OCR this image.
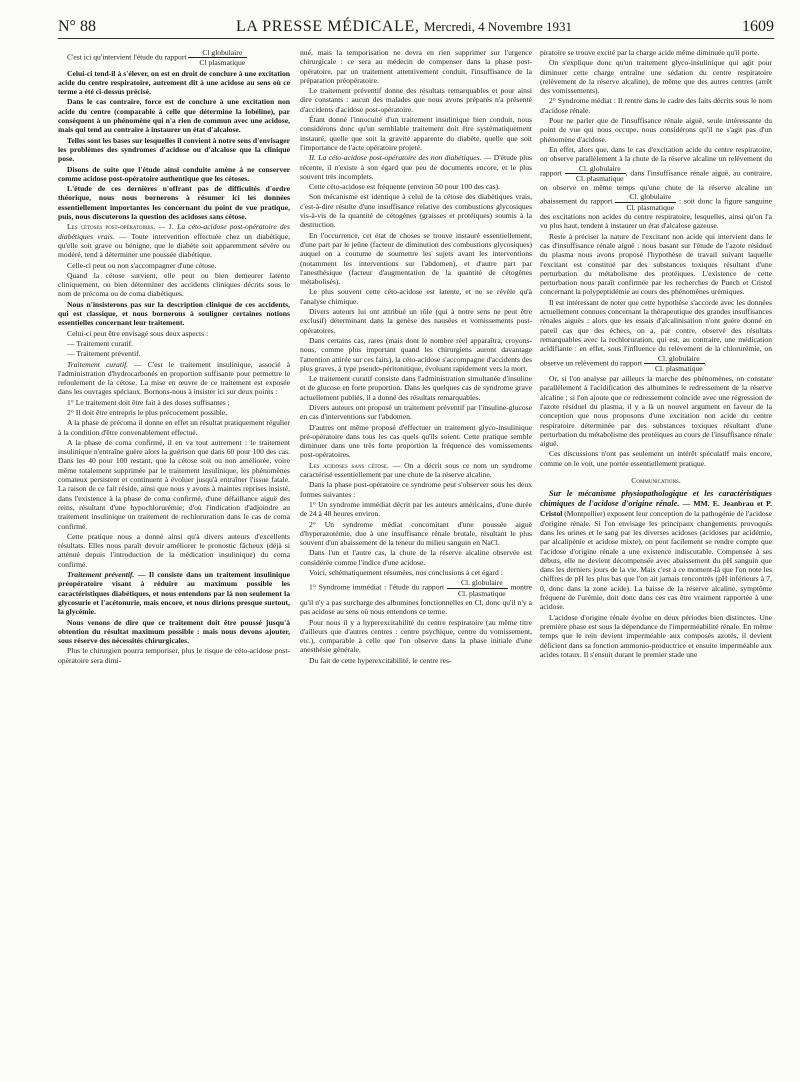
N° 88	LA PRESSE MÉDICALE, Mercredi, 4 Novembre 1931	1609

C'est ici qu'intervient l'étude du rapport $\frac{\text{Cl globulaire}}{\text{Cl plasmatique}}$

Celui-ci tend-il à s'élever, on est en droit de conclure à une excitation acide du centre respiratoire, autrement dit à une acidose au sens où ce terme a été ci-dessus précisé.

Dans le cas contraire, force est de conclure à une excitation non acide du centre (comparable à celle que détermine la lobéline), par conséquent à un phénomène qui n'a rien de commun avec une acidose, mais qui tend au contraire à instaurer un état d'alcalose.

Telles sont les bases sur lesquelles il convient à notre sens d'envisager les problèmes des syndromes d'acidose ou d'alcalose que la clinique pose.

Disons de suite que l'étude ainsi conduite amène à ne conserver comme acidose post-opératoire authentique que les cétoses.

L'étude de ces dernières n'offrant pas de difficultés d'ordre théorique, nous nous bornerons à résumer ici les données essentiellement importantes les concernant du point de vue pratique, puis, nous discuterons la question des acidoses sans cétose.

Les cétoses post-opératoires. — 1. La céto-acidose post-opératoire des diabétiques vrais. — Toute intervention effectuée chez un diabétique, qu'elle soit grave ou bénigne, que le diabète soit apparemment sévère ou modéré, tend à déterminer une poussée diabétique.

Celle-ci peut ou non s'accompagner d'une cétose.

Quand la cétose survient, elle peut ou bien demeurer latente cliniquement, ou bien déterminer des accidents cliniques décrits sous le nom de précoma ou de coma diabétiques.

Nous n'insisterons pas sur la description clinique de ces accidents, qui est classique, et nous bornerons à souligner certaines notions essentielles concernant leur traitement.

Celui-ci peut être envisagé sous deux aspects :

— Traitement curatif.

— Traitement préventif.

Traitement curatif. — C'est le traitement insulinique, associé à l'administration d'hydrocarbonés en proportion suffisante pour permettre le refoulement de la cétose. La mise en œuvre de ce traitement est exposée dans les ouvrages spéciaux. Bornons-nous à insister ici sur deux points :

1° Le traitement doit être fait à des doses suffisantes ;

2° Il doit être entrepris le plus précocement possible.

A la phase de précoma il donne en effet un résultat pratiquement régulier à la condition d'être convenablement effectué.

A la phase de coma confirmé, il en va tout autrement : le traitement insulinique n'entraîne guère alors la guérison que dans 60 pour 100 des cas. Dans les 40 pour 100 restant, que la cétose soit ou non améliorée, voire même totalement supprimée par le traitement insulinique, les phénomènes comateux persistent et continuent à évoluer jusqu'à entraîner l'issue fatale. La raison de ce fait réside, ainsi que nous y avons à maintes reprises insisté, dans l'existence à la phase de coma confirmé, d'une défaillance aiguë des reins, résultant d'une hypochlorurémie; d'où l'indication d'adjoindre au traitement insulinique un traitement de rechloruration dans le cas de coma confirmé.

Cette pratique nous a donné ainsi qu'à divers auteurs d'excellents résultats. Elles nous paraît devoir améliorer le pronostic fâcheux (déjà si atténué depuis l'introduction de la médication insulinique) du coma confirmé.

Traitement préventif. — Il consiste dans un traitement insulinique préopératoire visant à réduire au maximum possible les caractéristiques diabétiques, et nous entendons par là non seulement la glycosurie et l'acétonurie, mais encore, et nous dirions presque surtout, la glycémie.

Nous venons de dire que ce traitement doit être poussé jusqu'à obtention du résultat maximum possible : mais nous devons ajouter, sous réserve des nécessités chirurgicales.

Plus le chirurgien pourra temporiser, plus le risque de céto-acidose post-opératoire sera dimi-

nué, mais la temporisation ne devra en rien supprimer sur l'urgence chirurgicale : ce sera au médecin de compenser dans la phase post-opératoire, par un traitement attentivement conduit, l'insuffisance de la préparation préopératoire.

Le traitement préventif donne des résultats remarquables et pour ainsi dire constants : aucun des malades que nous avons préparés n'a présenté d'accidents d'acidose post-opératoire.

Étant donné l'innocuité d'un traitement insulinique bien conduit, nous considérons donc qu'un semblable traitement doit être systématiquement instauré, quelle que soit la gravité apparente du diabète, quelle que soit l'importance de l'acte opératoire projeté.

II. La céto-acidose post-opératoire des non diabétiques. — D'étude plus récente, il n'existe à son égard que peu de documents encore, et le plus souvent très incomplets.

Cette céto-acidose est fréquente (environ 50 pour 100 des cas).

Son mécanisme est identique à celui de la cétose des diabétiques vrais, c'est-à-dire résulte d'une insuffisance relative des combustions glycosiques vis-à-vis de la quantité de cétogènes (graisses et protéiques) soumis à la destruction.

En l'occurrence, cet état de choses se trouve instauré essentiellement, d'une part par le jeûne (facteur de diminution des combustions glycosiques) auquel on a coutume de soumettre les sujets avant les interventions (notamment les interventions sur l'abdomen), et d'autre part par l'anesthésique (facteur d'augmentation de la quantité de cétogènes métabolisés).

Le plus souvent cette céto-acidose est latente, et ne se révèle qu'à l'analyse chimique.

Divers auteurs lui ont attribué un rôle (qui à notre sens ne peut être exclusif) déterminant dans la genèse des nausées et vomissements post-opératoires.

Dans certains cas, rares (mais dont le nombre réel apparaîtra, croyons-nous, comme plus important quand les chirurgiens auront davantage l'attention attirée sur ces faits), la céto-acidose s'accompagne d'accidents des plus graves, à type pseudo-péritonitique, évoluant rapidement vers la mort.

Le traitement curatif consiste dans l'administration simultanée d'insuline et de glucose en forte proportion. Dans les quelques cas de syndrome grave actuellement publiés, il a donné des résultats remarquables.

Divers auteurs ont proposé un traitement préventif par l'insuline-glucose en cas d'interventions sur l'abdomen.

D'autres ont même proposé d'effectuer un traitement glyco-insulinique pré-opératoire dans tous les cas quels qu'ils soient. Cette pratique semble diminuer dans une très forte proportion la fréquence des vomissements post-opératoires.

Les acidoses sans cétose. — On a décrit sous ce nom un syndrome caractérisé essentiellement par une chute de la réserve alcaline.

Dans la phase post-opératoire ce syndrome peut s'observer sous les deux formes suivantes :

1° Un syndrome immédiat décrit par les auteurs américains, d'une durée de 24 à 48 heures environ.

2° Un syndrome médiat concomitant d'une poussée aiguë d'hyperazotémie, due à une insuffisance rénale brutale, résultant le plus souvent d'un abaissement de la teneur du milieu sanguin en NaCl.

Dans l'un et l'autre cas, la chute de la réserve alcaline observée est considérée comme l'indice d'une acidose.

Voici, schématiquement résumées, nos conclusions à cet égard :

1° Syndrome immédiat : l'étude du rapport $\frac{\text{Cl. globulaire}}{\text{Cl. plasmatique}}$ montre qu'il n'y a pas surcharge des albumines fonctionnelles en Cl, donc qu'il n'y a pas acidose au sens où nous entendons ce terme.

Pour nous il y a hyperexcitabilité du centre respiratoire (au même titre d'ailleurs que d'autres centres : centre psychique, centre du vomissement, etc.), comparable à celle que l'on observe dans la phase initiale d'une anesthésie générale.

Du fait de cette hyperexcitabilité, le centre res-

piratoire se trouve excité par la charge acide même diminuée qu'il porte.

On s'explique donc qu'un traitement glyco-insulinique qui agit pour diminuer cette charge entraîne une sédation du centre respiratoire (relèvement de la réserve alcaline), de même que des autres centres (arrêt des vomissements).

2° Syndrome médiat : Il rentre dans le cadre des faits décrits sous le nom d'acidose rénale.

Pour ne parler que de l'insuffisance rénale aiguë, seule intéressante du point de vue qui nous occupe, nous considérons qu'il ne s'agit pas d'un phénomène d'acidose.

En effet, alors que, dans le cas d'excitation acide du centre respiratoire, on observe parallèlement à la chute de la réserve alcaline un relèvement du rapport $\frac{\text{Cl. globulaire}}{\text{Cl. plasmatique}}$ , dans l'insuffisance rénale aiguë, au contraire, on observe en même temps qu'une chute de la réserve alcaline un abaissement du rapport $\frac{\text{Cl. globulaire}}{\text{Cl. plasmatique}}$ : soit donc la figure sanguine des excitations non acides du centre respiratoire, lesquelles, ainsi qu'on l'a vu plus haut, tendent à instaurer un état d'alcalose gazeuse.

Reste à préciser la nature de l'excitant non acide qui intervient dans le cas d'insuffisance rénale aiguë : nous basant sur l'étude de l'azote résiduel du plasma nous avons proposé l'hypothèse de travail suivant laquelle l'excitant est constitué par des substances toxiques résultant d'une perturbation du métabolisme des protéiques. L'existence de cette perturbation nous paraît confirmée par les recherches de Puech et Cristol concernant la polypeptidémie au cours des phénomènes urémiques.

Il est intéressant de noter que cette hypothèse s'accorde avec les données actuellement connues concernant la thérapeutique des grandes insuffisances rénales aiguës : alors que les essais d'alcalinisation n'ont guère donné en pareil cas que des échecs, on a, par contre, observé des résultats remarquables avec la rechloruration, qui est, au contraire, une médication acidifiante : en effet, sous l'influence du relèvement de la chlorurémie, on observe un relèvement du rapport $\frac{\text{Cl. globulaire}}{\text{Cl. plasmatique}}$ .

Or, si l'on analyse par ailleurs la marche des phénomènes, on constate parallèlement à l'acidification des albumines le redressement de la réserve alcaline ; si l'on ajoute que ce redressement coïncide avec une régression de l'azote résiduel du plasma, il y a là un nouvel argument en faveur de la conception que nous proposons d'une excitation non acide du centre respiratoire déterminée par des substances toxiques résultant d'une perturbation du métabolisme des protéiques au cours de l'insuffisance rénale aiguë.

Ces discussions n'ont pas seulement un intérêt spéculatif mais encore, comme on le voit, une portée essentiellement pratique.

Communications.

Sur le mécanisme physiopathologique et les caractéristiques chimiques de l'acidose d'origine rénale. — MM. E. Jeanbrau et P. Cristol (Montpellier) exposent leur conception de la pathogénie de l'acidose d'origine rénale. Si l'on envisage les principaux changements provoqués dans les urines et le sang par les diverses acidoses (acidoses par acidémie, par alcalipénie et acidose mixte), on peut facilement se rendre compte que l'acidose d'origine rénale a une existence indiscutable. Compensée à ses débuts, elle ne devient décompensée avec abaissement du pH sanguin que dans les derniers jours de la vie. Mais c'est à ce moment-là que l'on note les chiffres de pH les plus bas que l'on ait jamais rencontrés (pH inférieurs à 7, 0, donc dans la zone acide). La baisse de la réserve alcaline, symptôme fréquent de l'urémie, doit donc dans ces cas être vraiment rapportée à une acidose.

L'acidose d'origine rénale évolue en deux périodes bien distinctes. Une première phase est sous la dépendance de l'imperméabilité rénale. En même temps que le rein devient imperméable aux composés azotés, il devient déficient dans sa fonction ammonio-productrice et ensuite imperméable aux acides totaux. Il s'ensuit durant le premier stade une
